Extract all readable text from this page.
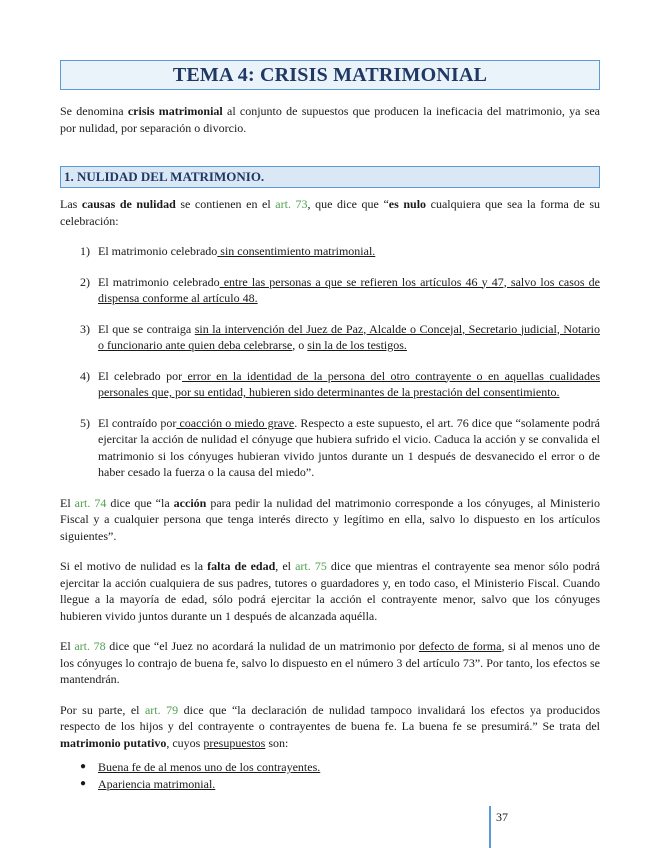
TEMA 4: CRISIS MATRIMONIAL

Se denomina crisis matrimonial al conjunto de supuestos que producen la ineficacia del matrimonio, ya sea por nulidad, por separación o divorcio.

1. NULIDAD DEL MATRIMONIO.

Las causas de nulidad se contienen en el art. 73, que dice que “es nulo cualquiera que sea la forma de su celebración:

1) El matrimonio celebrado sin consentimiento matrimonial.
2) El matrimonio celebrado entre las personas a que se refieren los artículos 46 y 47, salvo los casos de dispensa conforme al artículo 48.
3) El que se contraiga sin la intervención del Juez de Paz, Alcalde o Concejal, Secretario judicial, Notario o funcionario ante quien deba celebrarse, o sin la de los testigos.
4) El celebrado por error en la identidad de la persona del otro contrayente o en aquellas cualidades personales que, por su entidad, hubieren sido determinantes de la prestación del consentimiento.
5) El contraído por coacción o miedo grave. Respecto a este supuesto, el art. 76 dice que “solamente podrá ejercitar la acción de nulidad el cónyuge que hubiera sufrido el vicio. Caduca la acción y se convalida el matrimonio si los cónyuges hubieran vivido juntos durante un 1 después de desvanecido el error o de haber cesado la fuerza o la causa del miedo”.

El art. 74 dice que “la acción para pedir la nulidad del matrimonio corresponde a los cónyuges, al Ministerio Fiscal y a cualquier persona que tenga interés directo y legítimo en ella, salvo lo dispuesto en los artículos siguientes”.

Si el motivo de nulidad es la falta de edad, el art. 75 dice que mientras el contrayente sea menor sólo podrá ejercitar la acción cualquiera de sus padres, tutores o guardadores y, en todo caso, el Ministerio Fiscal. Cuando llegue a la mayoría de edad, sólo podrá ejercitar la acción el contrayente menor, salvo que los cónyuges hubieren vivido juntos durante un 1 después de alcanzada aquélla.

El art. 78 dice que “el Juez no acordará la nulidad de un matrimonio por defecto de forma, si al menos uno de los cónyuges lo contrajo de buena fe, salvo lo dispuesto en el número 3 del artículo 73”. Por tanto, los efectos se mantendrán.

Por su parte, el art. 79 dice que “la declaración de nulidad tampoco invalidará los efectos ya producidos respecto de los hijos y del contrayente o contrayentes de buena fe. La buena fe se presumirá.” Se trata del matrimonio putativo, cuyos presupuestos son:

● Buena fe de al menos uno de los contrayentes.
● Apariencia matrimonial.
37
